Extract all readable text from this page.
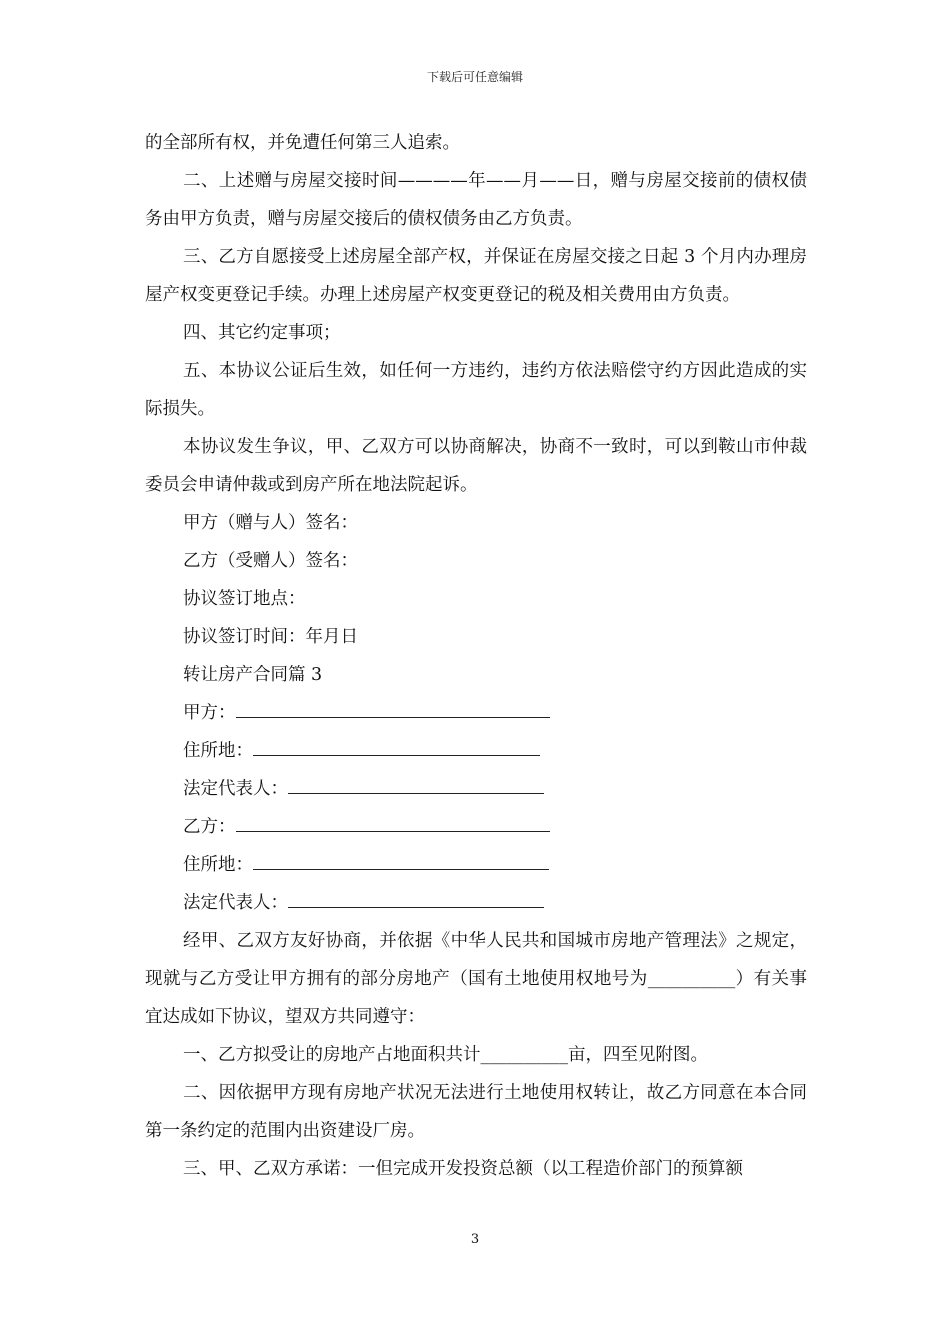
下载后可任意编辑

的全部所有权，并免遭任何第三人追索。

二、上述赠与房屋交接时间————年——月——日，赠与房屋交接前的债权债务由甲方负责，赠与房屋交接后的债权债务由乙方负责。

三、乙方自愿接受上述房屋全部产权，并保证在房屋交接之日起 3 个月内办理房屋产权变更登记手续。办理上述房屋产权变更登记的税及相关费用由方负责。

四、其它约定事项；

五、本协议公证后生效，如任何一方违约，违约方依法赔偿守约方因此造成的实际损失。

本协议发生争议，甲、乙双方可以协商解决，协商不一致时，可以到鞍山市仲裁委员会申请仲裁或到房产所在地法院起诉。

甲方（赠与人）签名：

乙方（受赠人）签名：

协议签订地点：

协议签订时间：年月日

转让房产合同篇 3

甲方：

住所地：

法定代表人：

乙方：

住所地：

法定代表人：

经甲、乙双方友好协商，并依据《中华人民共和国城市房地产管理法》之规定，现就与乙方受让甲方拥有的部分房地产（国有土地使用权地号为__________）有关事宜达成如下协议，望双方共同遵守：

一、乙方拟受让的房地产占地面积共计__________亩，四至见附图。

二、因依据甲方现有房地产状况无法进行土地使用权转让，故乙方同意在本合同第一条约定的范围内出资建设厂房。

三、甲、乙双方承诺：一但完成开发投资总额（以工程造价部门的预算额

3
